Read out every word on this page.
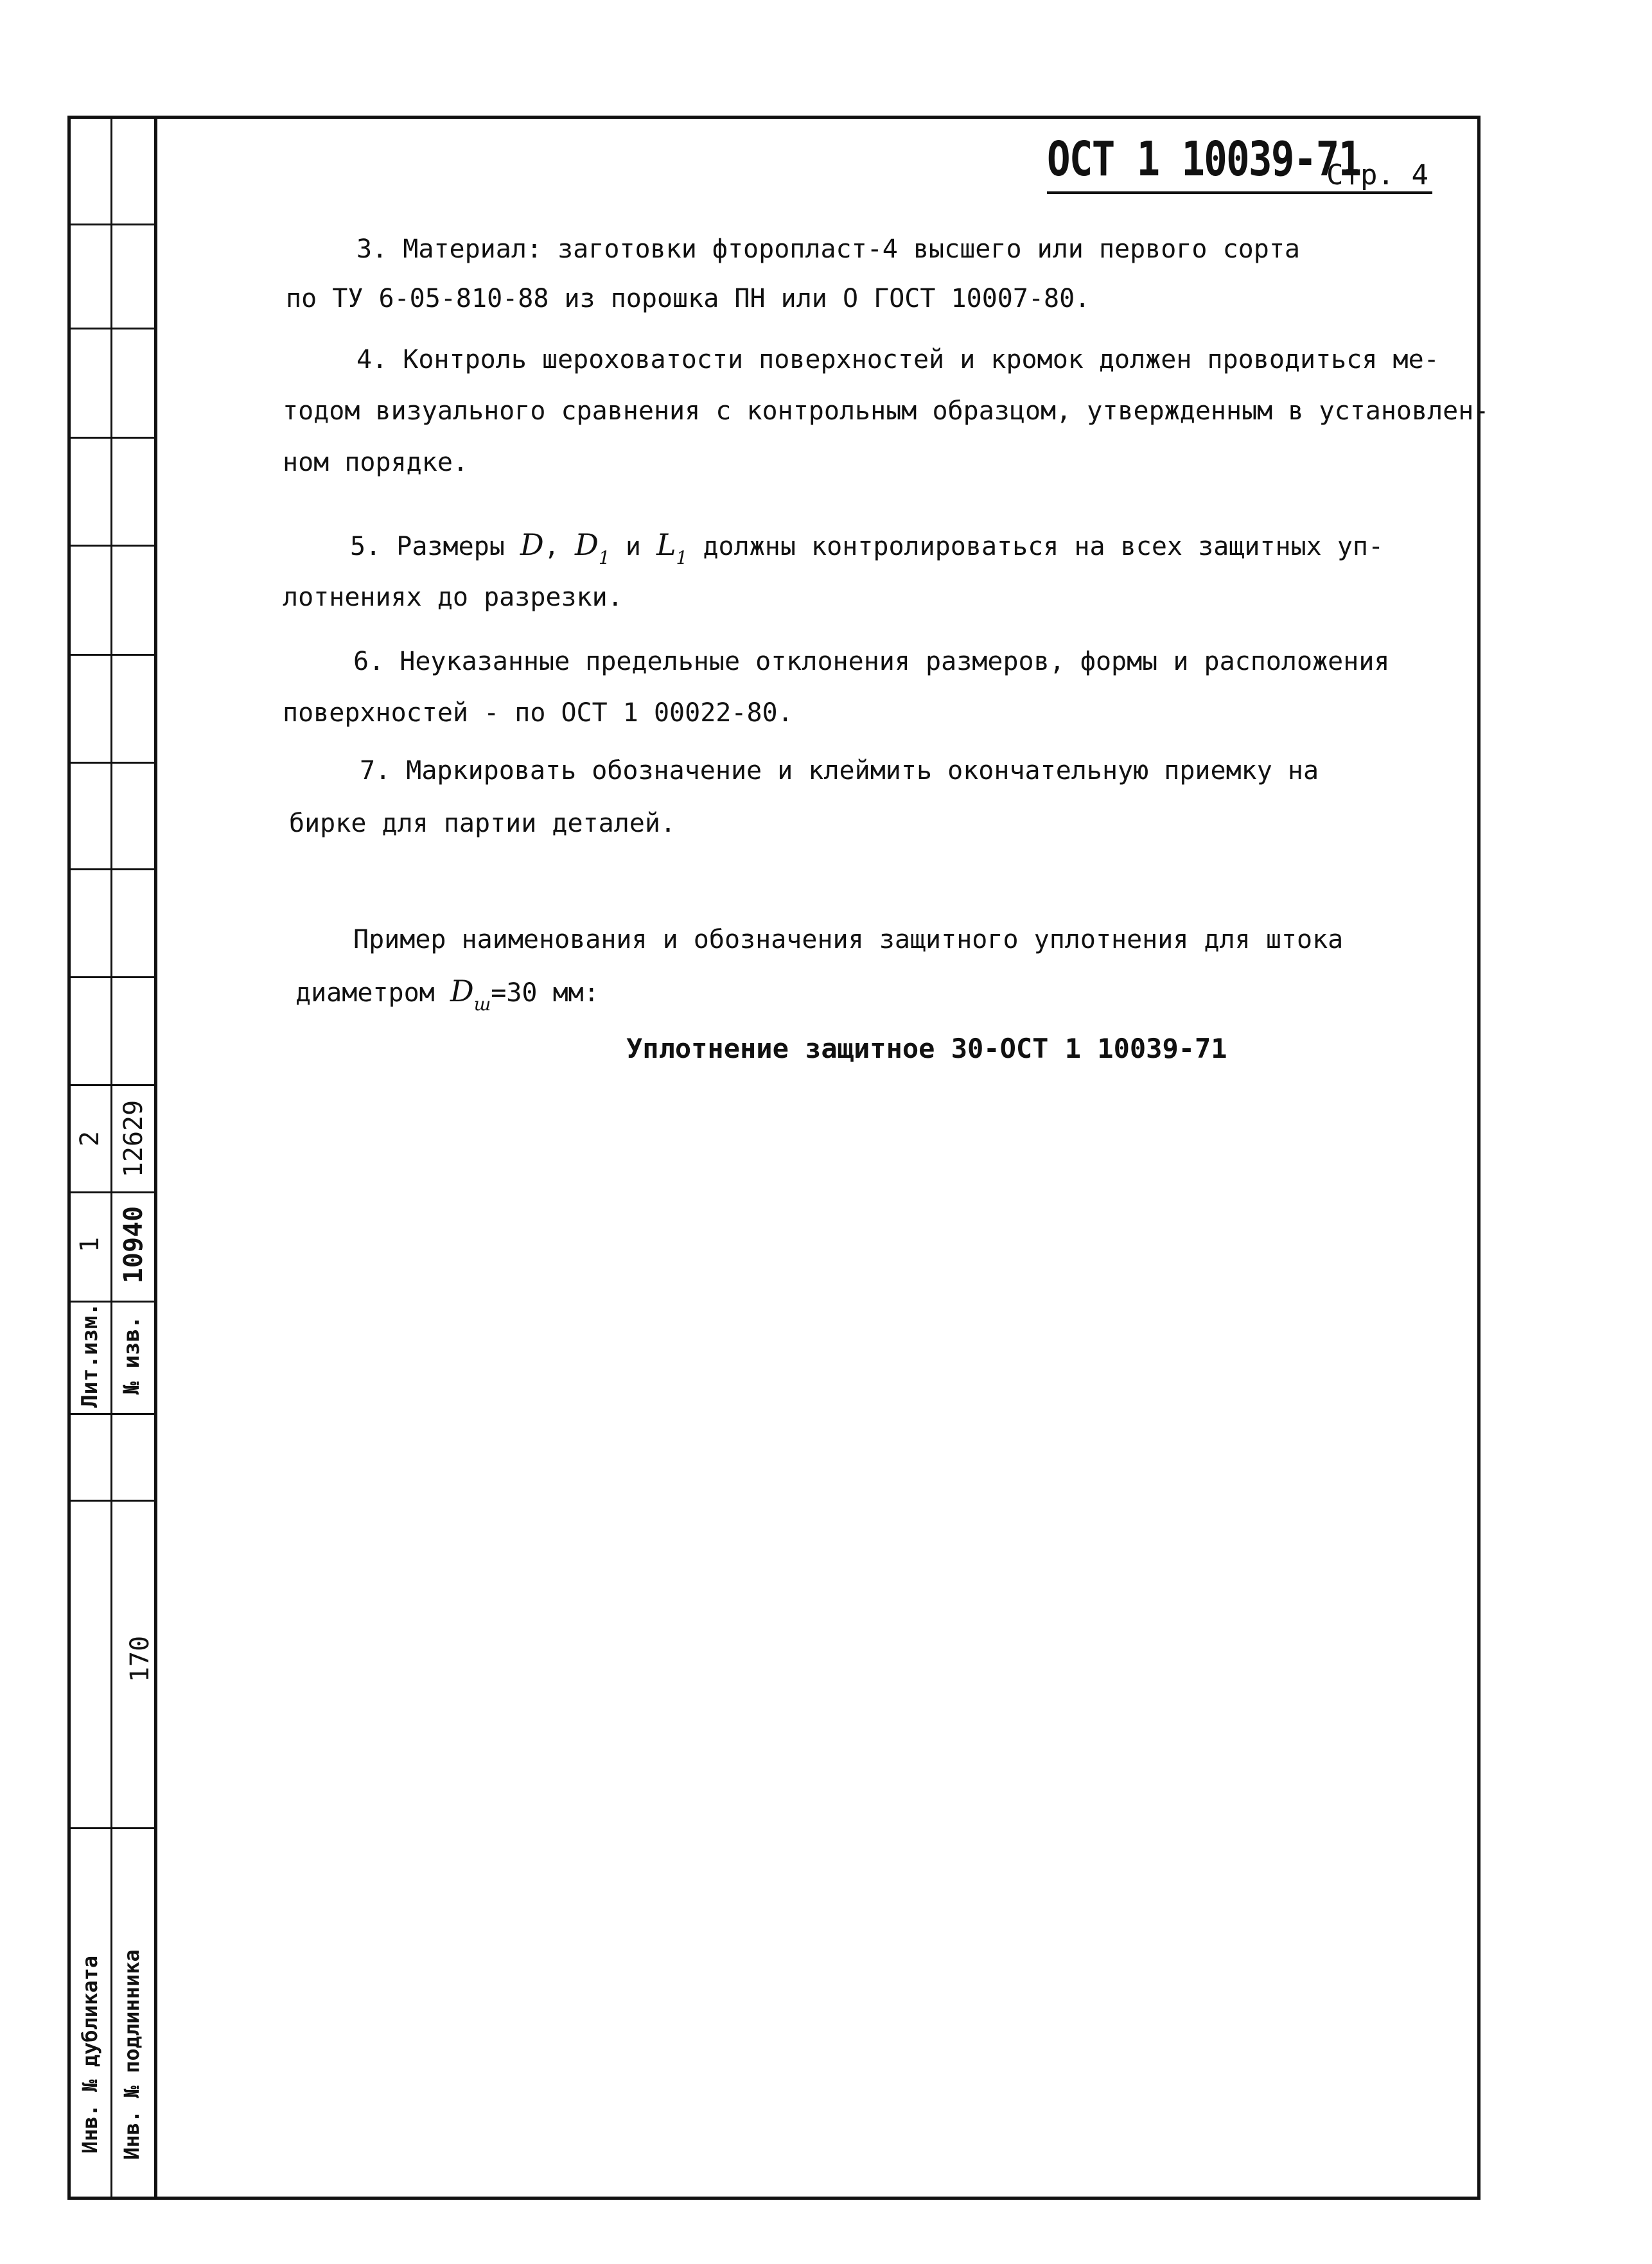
ОСТ 1 10039-71
Стр. 4
3. Материал: заготовки фторопласт-4 высшего или первого сорта
по ТУ 6-05-810-88 из порошка ПН или О ГОСТ 10007-80.
4. Контроль шероховатости поверхностей и кромок должен проводиться ме-
тодом визуального сравнения с контрольным образцом, утвержденным в установлен-
ном порядке.
5. Размеры D, $D_1$ и $L_1$ должны контролироваться на всех защитных уп-
лотнениях до разрезки.
6. Неуказанные предельные отклонения размеров, формы и расположения
поверхностей - по ОСТ 1 00022-80.
7. Маркировать обозначение и клеймить окончательную приемку на
бирке для партии деталей.
Пример наименования и обозначения защитного уплотнения для штока
диаметром $D_ш=30$ мм:
Уплотнение защитное 30-ОСТ 1 10039-71
2 12629
1 10940
Лит.изм. № изв.
170
Инв. № дубликата Инв. № подлинника
